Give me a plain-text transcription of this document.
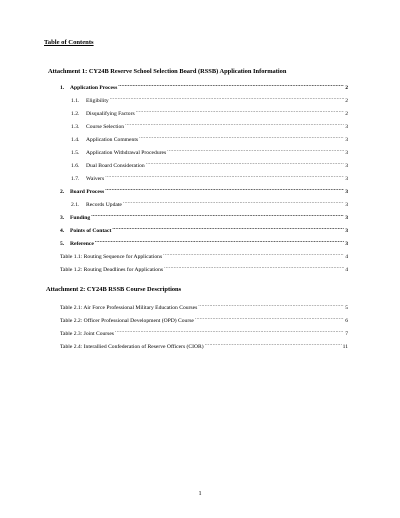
Table of Contents
Attachment 1: CY24B Reserve School Selection Board (RSSB) Application Information
1.	Application Process .....	2
1.1.	Eligibility .....	2
1.2.	Disqualifying Factors .....	2
1.3.	Course Selection .....	3
1.4.	Application Comments .....	3
1.5.	Application Withdrawal Procedures .....	3
1.6.	Dual Board Consideration .....	3
1.7.	Waivers .....	3
2.	Board Process .....	3
2.1.	Records Update .....	3
3.	Funding .....	3
4.	Points of Contact .....	3
5.	Reference .....	3
Table 1.1: Routing Sequence for Applications .....	4
Table 1.2: Routing Deadlines for Applications .....	4
Attachment 2: CY24B RSSB Course Descriptions
Table 2.1: Air Force Professional Military Education Courses .....	5
Table 2.2: Officer Professional Development (OPD) Course .....	6
Table 2.3: Joint Courses .....	7
Table 2.4: Interallied Confederation of Reserve Officers (CIOR) .....	11
1
